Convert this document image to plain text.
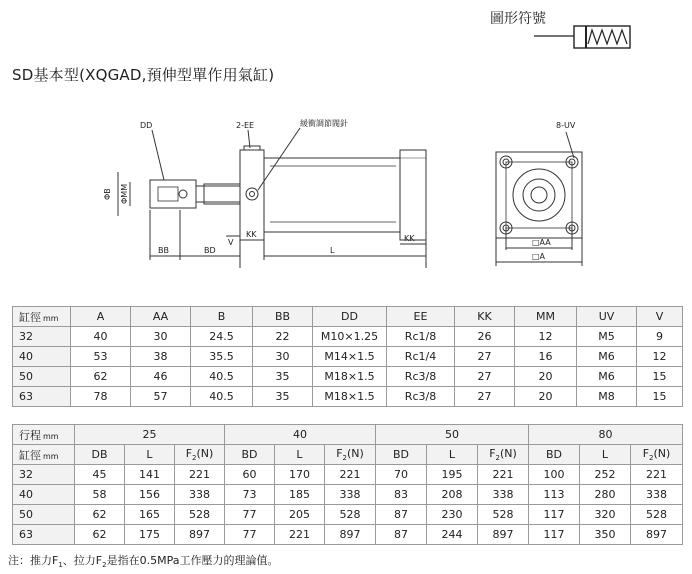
圖形符號
SD基本型(XQGAD,預伸型單作用氣缸)
DD	2-EE	緩衝調節閥針	8-UV
ΦB ΦMM
BB	BD
V
KK
L
KK	□AA
□A
缸徑 mm	A	AA	B	BB	DD	EE	KK	MM	UV	V
32	40	30	24.5	22	M10×1.25	Rc1/8	26	12	M5	9
40	53	38	35.5	30	M14×1.5	Rc1/4	27	16	M6	12
50	62	46	40.5	35	M18×1.5	Rc3/8	27	20	M6	15
63	78	57	40.5	35	M18×1.5	Rc3/8	27	20	M8	15
行程 mm	25			40			50			80		
缸徑 mm	DB	L	$F_2(N)$	BD	L	$F_2(N)$	BD	L	$F_2(N)$	BD	L	$F_2(N)$
32	45	141	221	60	170	221	70	195	221	100	252	221
40	58	156	338	73	185	338	83	208	338	113	280	338
50	62	165	528	77	205	528	87	230	528	117	320	528
63	62	175	897	77	221	897	87	244	897	117	350	897
注：推力$F_1$、拉力$F_2$是指在0.5MPa工作壓力的理論值。
